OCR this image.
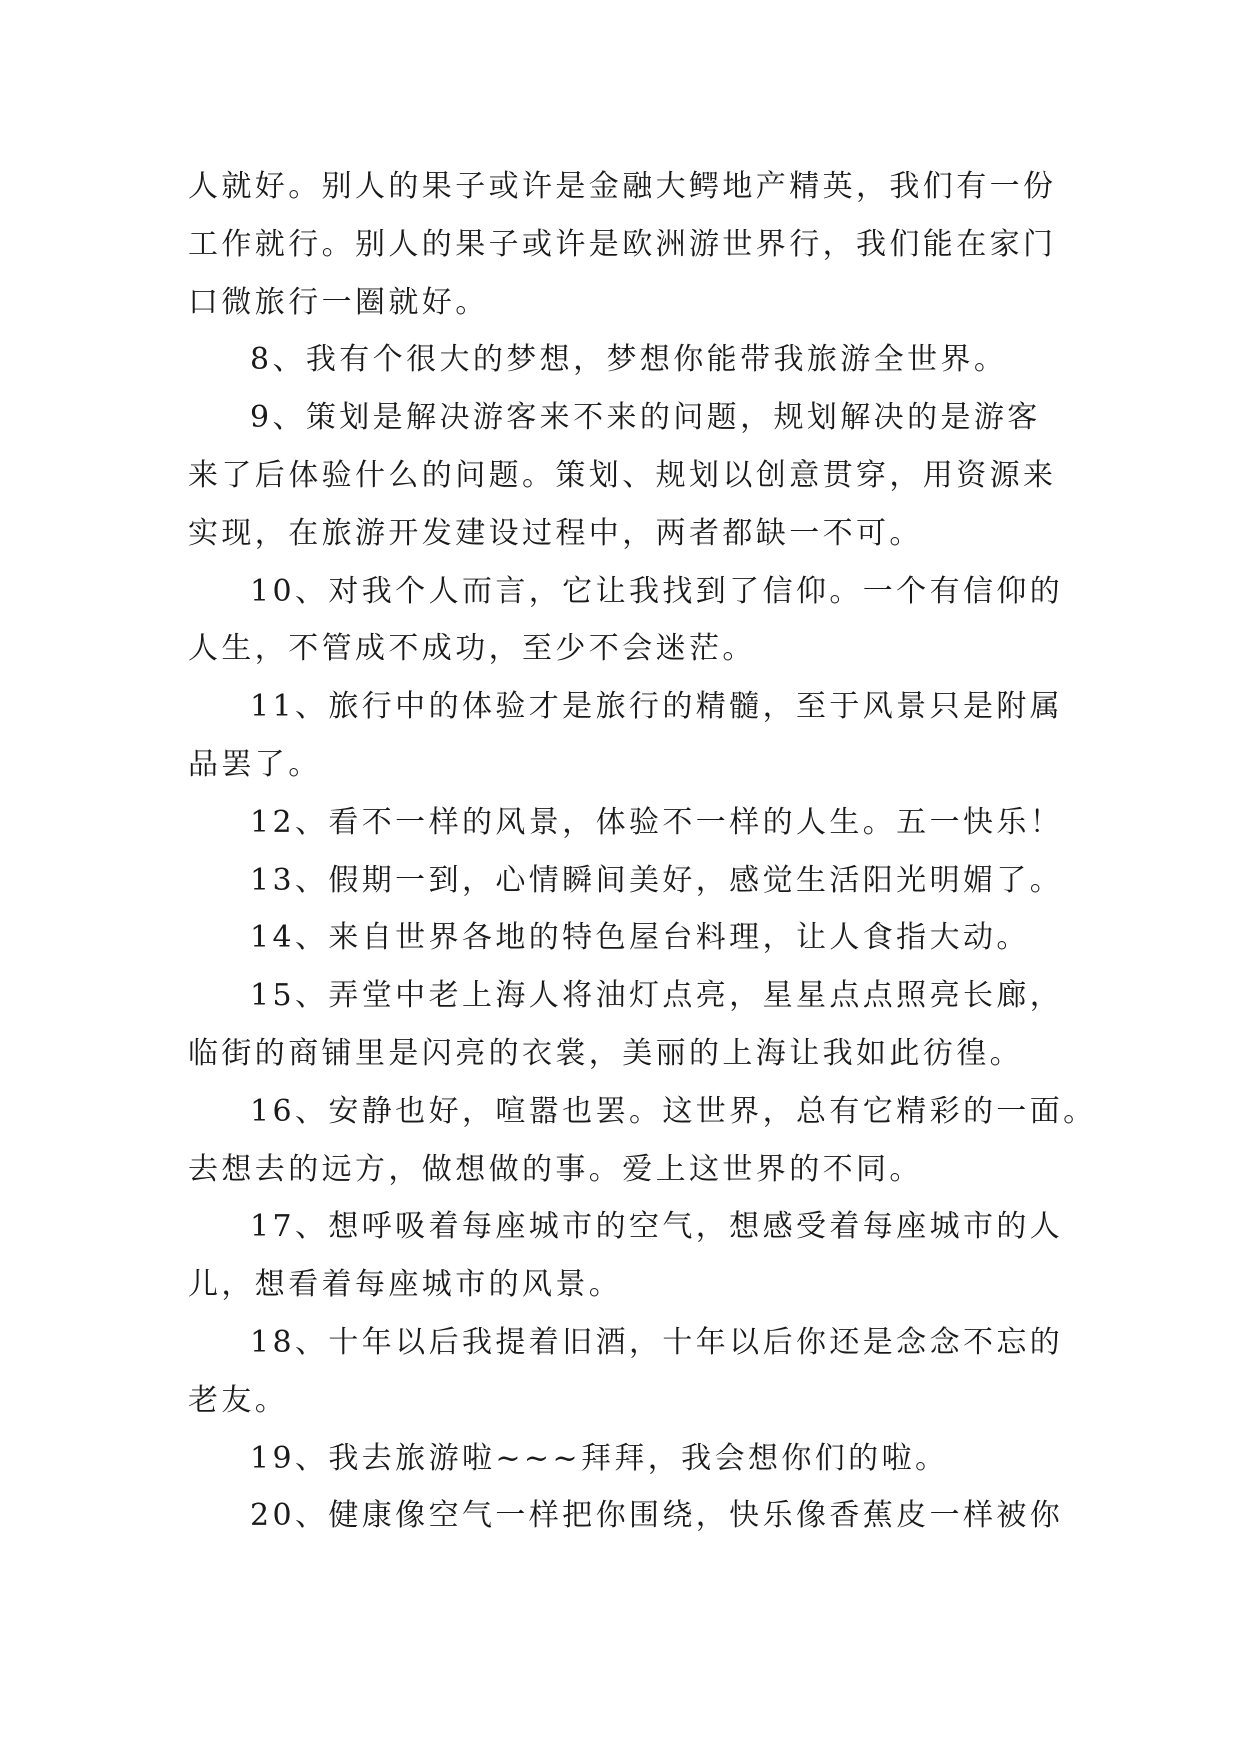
人就好。别人的果子或许是金融大鳄地产精英，我们有一份
工作就行。别人的果子或许是欧洲游世界行，我们能在家门
口微旅行一圈就好。
8、我有个很大的梦想，梦想你能带我旅游全世界。
9、策划是解决游客来不来的问题，规划解决的是游客
来了后体验什么的问题。策划、规划以创意贯穿，用资源来
实现，在旅游开发建设过程中，两者都缺一不可。
10、对我个人而言，它让我找到了信仰。一个有信仰的
人生，不管成不成功，至少不会迷茫。
11、旅行中的体验才是旅行的精髓，至于风景只是附属
品罢了。
12、看不一样的风景，体验不一样的人生。五一快乐！
13、假期一到，心情瞬间美好，感觉生活阳光明媚了。
14、来自世界各地的特色屋台料理，让人食指大动。
15、弄堂中老上海人将油灯点亮，星星点点照亮长廊，
临街的商铺里是闪亮的衣裳，美丽的上海让我如此彷徨。
16、安静也好，喧嚣也罢。这世界，总有它精彩的一面。
去想去的远方，做想做的事。爱上这世界的不同。
17、想呼吸着每座城市的空气，想感受着每座城市的人
儿，想看着每座城市的风景。
18、十年以后我提着旧酒，十年以后你还是念念不忘的
老友。
19、我去旅游啦~~~拜拜，我会想你们的啦。
20、健康像空气一样把你围绕，快乐像香蕉皮一样被你
